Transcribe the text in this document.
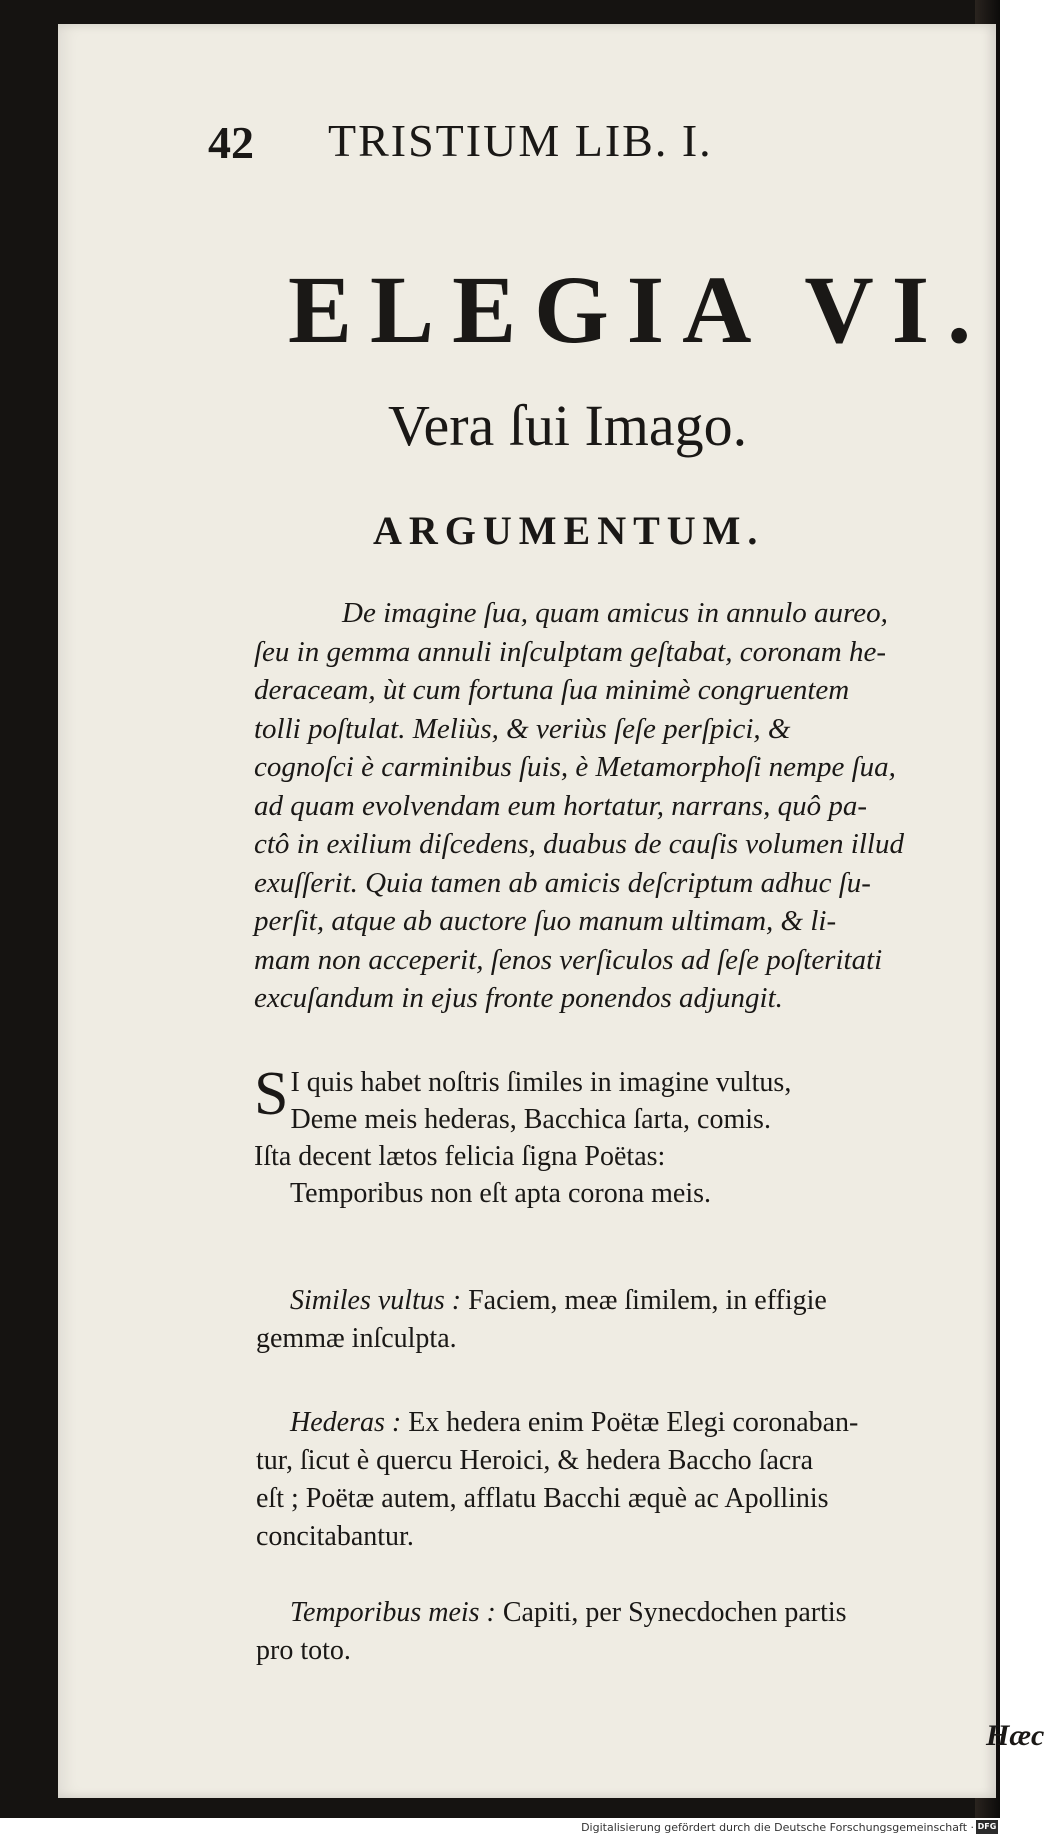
42 TRISTIUM LIB. I.
ELEGIA VI.
Vera ſui Imago.
ARGUMENTUM.
De imagine ſua, quam amicus in annulo aureo,
ſeu in gemma annuli inſculptam geſtabat, coronam he-
deraceam, ùt cum fortuna ſua minimè congruentem
tolli poſtulat. Meliùs, & veriùs ſeſe perſpici, &
cognoſci è carminibus ſuis, è Metamorphoſi nempe ſua,
ad quam evolvendam eum hortatur, narrans, quô pa-
ctô in exilium diſcedens, duabus de cauſis volumen illud
exuſſerit. Quia tamen ab amicis deſcriptum adhuc ſu-
perſit, atque ab auctore ſuo manum ultimam, & li-
mam non acceperit, ſenos verſiculos ad ſeſe poſteritati
excuſandum in ejus fronte ponendos adjungit.
S I quis habet noſtris ſimiles in imagine vultus,
Deme meis hederas, Bacchica ſarta, comis.
Iſta decent lætos felicia ſigna Poëtas:
Temporibus non eſt apta corona meis.
Similes vultus : Faciem, meæ ſimilem, in effigie
gemmæ inſculpta.
Hederas : Ex hedera enim Poëtæ Elegi coronaban-
tur, ſicut è quercu Heroici, & hedera Baccho ſacra
eſt ; Poëtæ autem, afflatu Bacchi æquè ac Apollinis
concitabantur.
Temporibus meis : Capiti, per Synecdochen partis
pro toto.
Hæc
Digitalisierung gefördert durch die Deutsche Forschungsgemeinschaft · DFG
